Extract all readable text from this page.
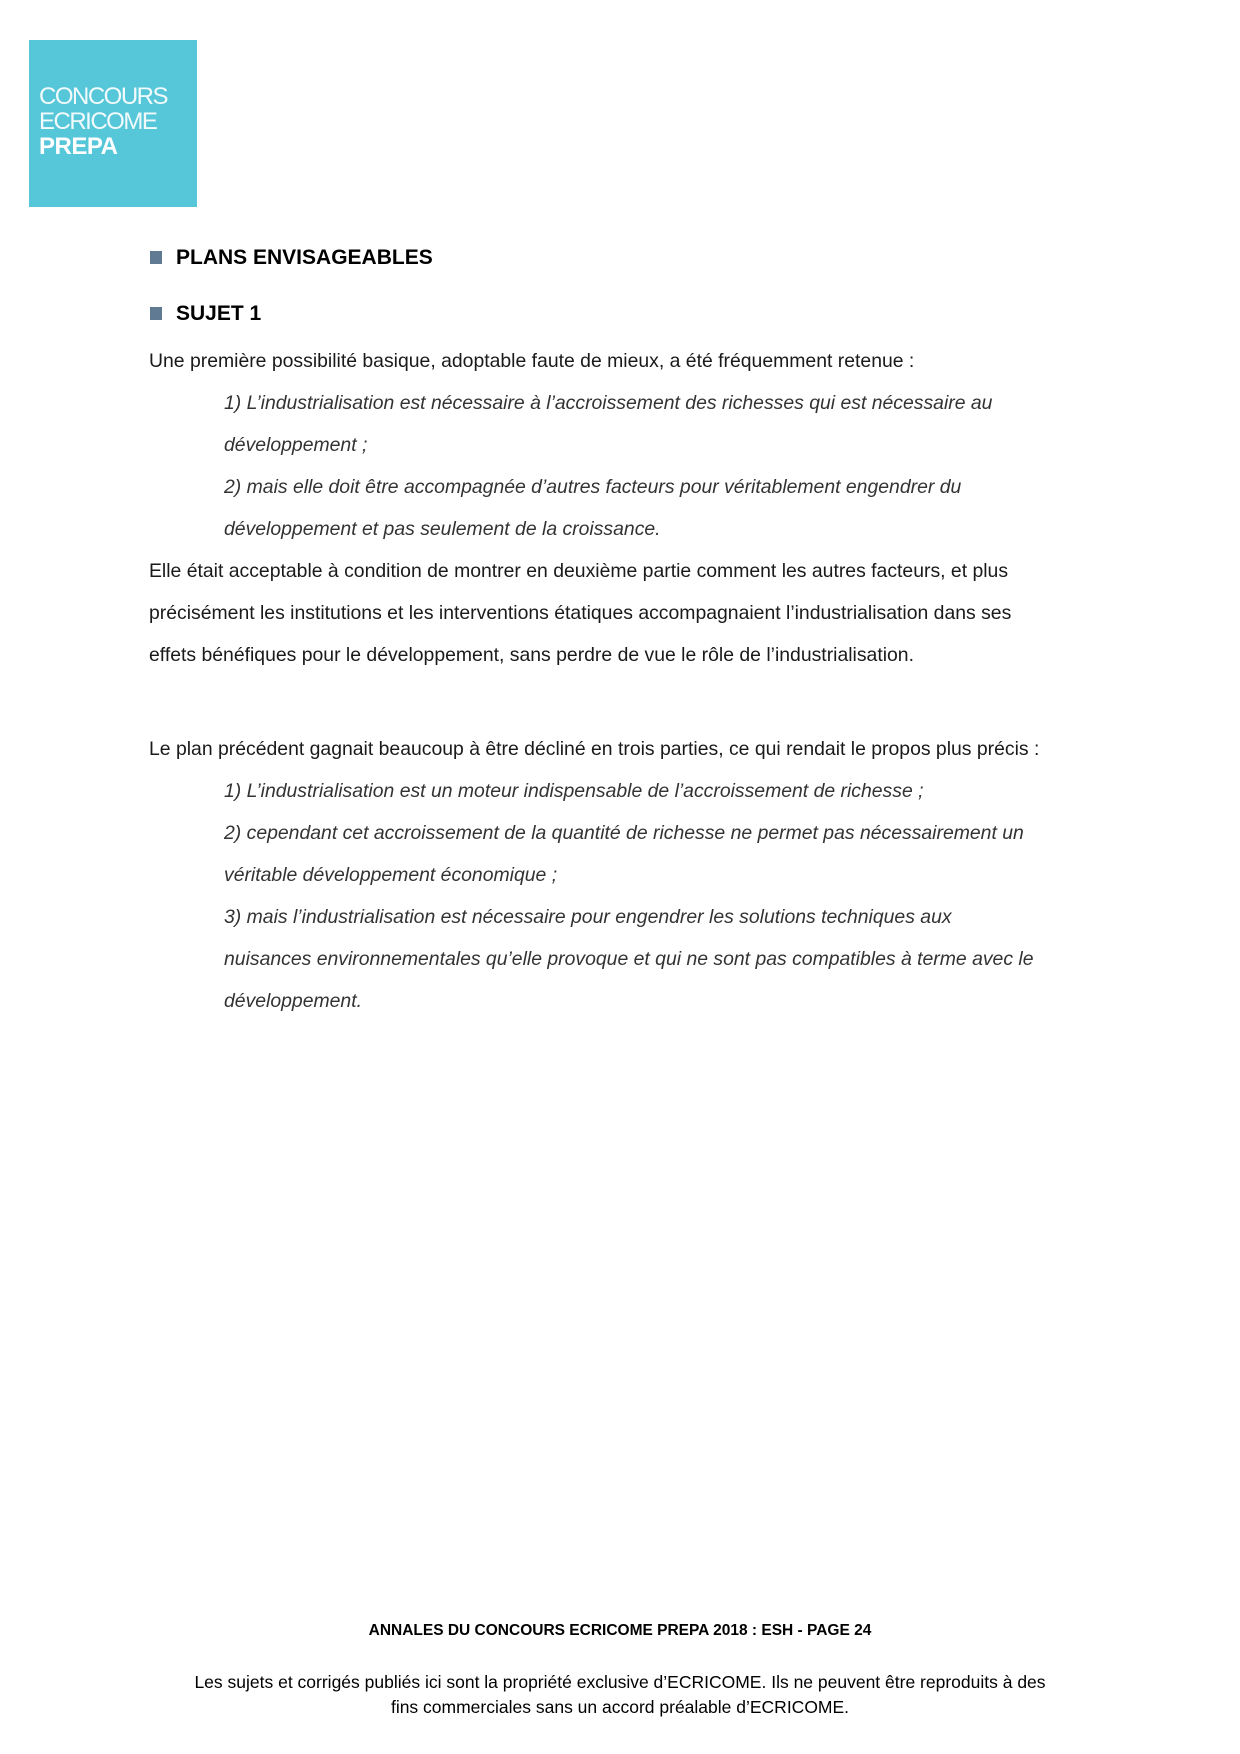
CONCOURS
ECRICOME
PREPA
PLANS ENVISAGEABLES
SUJET 1

Une première possibilité basique, adoptable faute de mieux, a été fréquemment retenue :

1) L’industrialisation est nécessaire à l’accroissement des richesses qui est nécessaire au
développement ;
2) mais elle doit être accompagnée d’autres facteurs pour véritablement engendrer du
développement et pas seulement de la croissance.

Elle était acceptable à condition de montrer en deuxième partie comment les autres facteurs, et plus
précisément les institutions et les interventions étatiques accompagnaient l’industrialisation dans ses
effets bénéfiques pour le développement, sans perdre de vue le rôle de l’industrialisation.

Le plan précédent gagnait beaucoup à être décliné en trois parties, ce qui rendait le propos plus précis :

1) L’industrialisation est un moteur indispensable de l’accroissement de richesse ;
2) cependant cet accroissement de la quantité de richesse ne permet pas nécessairement un
véritable développement économique ;
3) mais l’industrialisation est nécessaire pour engendrer les solutions techniques aux
nuisances environnementales qu’elle provoque et qui ne sont pas compatibles à terme avec le
développement.
ANNALES DU CONCOURS ECRICOME PREPA 2018 : ESH - PAGE 24
Les sujets et corrigés publiés ici sont la propriété exclusive d’ECRICOME. Ils ne peuvent être reproduits à des
fins commerciales sans un accord préalable d’ECRICOME.
